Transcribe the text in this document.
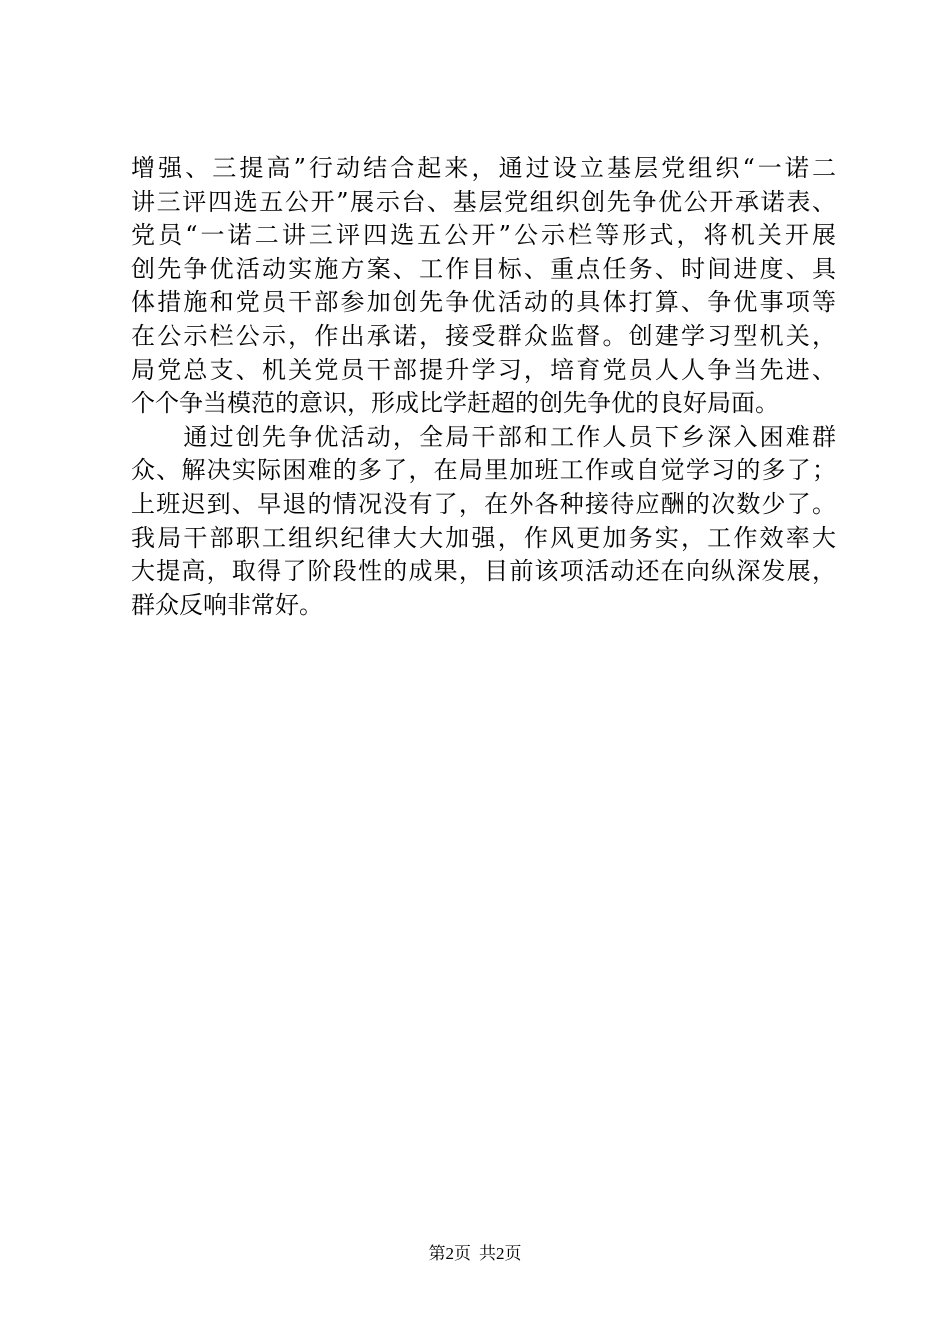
增强、三提高”行动结合起来，通过设立基层党组织“一诺二
讲三评四选五公开”展示台、基层党组织创先争优公开承诺表、
党员“一诺二讲三评四选五公开”公示栏等形式，将机关开展
创先争优活动实施方案、工作目标、重点任务、时间进度、具
体措施和党员干部参加创先争优活动的具体打算、争优事项等
在公示栏公示，作出承诺，接受群众监督。创建学习型机关，
局党总支、机关党员干部提升学习，培育党员人人争当先进、
个个争当模范的意识，形成比学赶超的创先争优的良好局面。
　　通过创先争优活动，全局干部和工作人员下乡深入困难群
众、解决实际困难的多了，在局里加班工作或自觉学习的多了；
上班迟到、早退的情况没有了，在外各种接待应酬的次数少了。
我局干部职工组织纪律大大加强，作风更加务实，工作效率大
大提高，取得了阶段性的成果，目前该项活动还在向纵深发展，
群众反响非常好。
第2页 共2页
